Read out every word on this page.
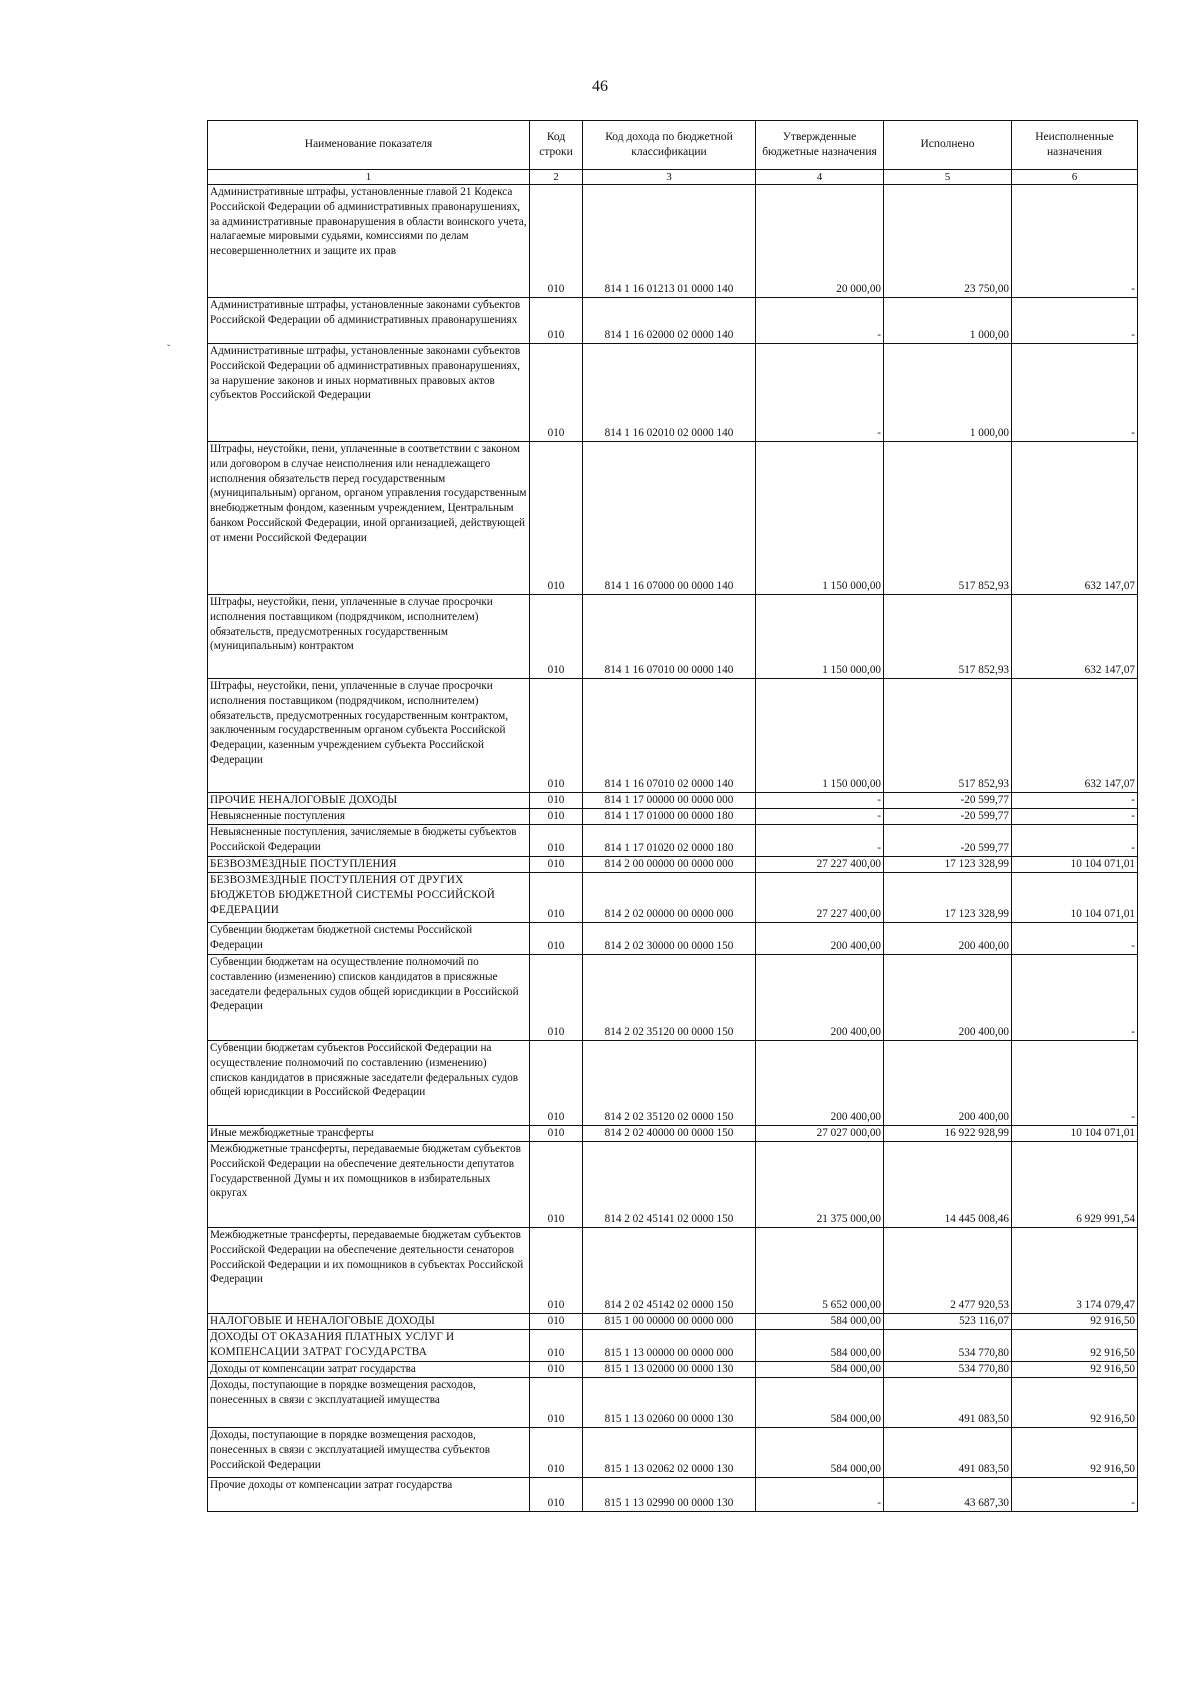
46
ˇ
Наименование показателя	Код строки	Код дохода по бюджетной классификации	Утвержденные бюджетные назначения	Исполнено	Неисполненные назначения
1	2	3	4	5	6
Административные штрафы, установленные главой 21 Кодекса Российской Федерации об административных правонарушениях, за административные правонарушения в области воинского учета, налагаемые мировыми судьями, комиссиями по делам несовершеннолетних и защите их прав	010	814 1 16 01213 01 0000 140	20 000,00	23 750,00	-
Административные штрафы, установленные законами субъектов Российской Федерации об административных правонарушениях	010	814 1 16 02000 02 0000 140	-	1 000,00	-
Административные штрафы, установленные законами субъектов Российской Федерации об административных правонарушениях, за нарушение законов и иных нормативных правовых актов субъектов Российской Федерации	010	814 1 16 02010 02 0000 140	-	1 000,00	-
Штрафы, неустойки, пени, уплаченные в соответствии с законом или договором в случае неисполнения или ненадлежащего исполнения обязательств перед государственным (муниципальным) органом, органом управления государственным внебюджетным фондом, казенным учреждением, Центральным банком Российской Федерации, иной организацией, действующей от имени Российской Федерации	010	814 1 16 07000 00 0000 140	1 150 000,00	517 852,93	632 147,07
Штрафы, неустойки, пени, уплаченные в случае просрочки исполнения поставщиком (подрядчиком, исполнителем) обязательств, предусмотренных государственным (муниципальным) контрактом	010	814 1 16 07010 00 0000 140	1 150 000,00	517 852,93	632 147,07
Штрафы, неустойки, пени, уплаченные в случае просрочки исполнения поставщиком (подрядчиком, исполнителем) обязательств, предусмотренных государственным контрактом, заключенным государственным органом субъекта Российской Федерации, казенным учреждением субъекта Российской Федерации	010	814 1 16 07010 02 0000 140	1 150 000,00	517 852,93	632 147,07
ПРОЧИЕ НЕНАЛОГОВЫЕ ДОХОДЫ	010	814 1 17 00000 00 0000 000	-	-20 599,77	-
Невыясненные поступления	010	814 1 17 01000 00 0000 180	-	-20 599,77	-
Невыясненные поступления, зачисляемые в бюджеты субъектов Российской Федерации	010	814 1 17 01020 02 0000 180	-	-20 599,77	-
БЕЗВОЗМЕЗДНЫЕ ПОСТУПЛЕНИЯ	010	814 2 00 00000 00 0000 000	27 227 400,00	17 123 328,99	10 104 071,01
БЕЗВОЗМЕЗДНЫЕ ПОСТУПЛЕНИЯ ОТ ДРУГИХ БЮДЖЕТОВ БЮДЖЕТНОЙ СИСТЕМЫ РОССИЙСКОЙ ФЕДЕРАЦИИ	010	814 2 02 00000 00 0000 000	27 227 400,00	17 123 328,99	10 104 071,01
Субвенции бюджетам бюджетной системы Российской Федерации	010	814 2 02 30000 00 0000 150	200 400,00	200 400,00	-
Субвенции бюджетам на осуществление полномочий по составлению (изменению) списков кандидатов в присяжные заседатели федеральных судов общей юрисдикции в Российской Федерации	010	814 2 02 35120 00 0000 150	200 400,00	200 400,00	-
Субвенции бюджетам субъектов Российской Федерации на осуществление полномочий по составлению (изменению) списков кандидатов в присяжные заседатели федеральных судов общей юрисдикции в Российской Федерации	010	814 2 02 35120 02 0000 150	200 400,00	200 400,00	-
Иные межбюджетные трансферты	010	814 2 02 40000 00 0000 150	27 027 000,00	16 922 928,99	10 104 071,01
Межбюджетные трансферты, передаваемые бюджетам субъектов Российской Федерации на обеспечение деятельности депутатов Государственной Думы и их помощников в избирательных округах	010	814 2 02 45141 02 0000 150	21 375 000,00	14 445 008,46	6 929 991,54
Межбюджетные трансферты, передаваемые бюджетам субъектов Российской Федерации на обеспечение деятельности сенаторов Российской Федерации и их помощников в субъектах Российской Федерации	010	814 2 02 45142 02 0000 150	5 652 000,00	2 477 920,53	3 174 079,47
НАЛОГОВЫЕ И НЕНАЛОГОВЫЕ ДОХОДЫ	010	815 1 00 00000 00 0000 000	584 000,00	523 116,07	92 916,50
ДОХОДЫ ОТ ОКАЗАНИЯ ПЛАТНЫХ УСЛУГ И КОМПЕНСАЦИИ ЗАТРАТ ГОСУДАРСТВА	010	815 1 13 00000 00 0000 000	584 000,00	534 770,80	92 916,50
Доходы от компенсации затрат государства	010	815 1 13 02000 00 0000 130	584 000,00	534 770,80	92 916,50
Доходы, поступающие в порядке возмещения расходов, понесенных в связи с эксплуатацией имущества	010	815 1 13 02060 00 0000 130	584 000,00	491 083,50	92 916,50
Доходы, поступающие в порядке возмещения расходов, понесенных в связи с эксплуатацией имущества субъектов Российской Федерации	010	815 1 13 02062 02 0000 130	584 000,00	491 083,50	92 916,50
Прочие доходы от компенсации затрат государства	010	815 1 13 02990 00 0000 130	-	43 687,30	-
